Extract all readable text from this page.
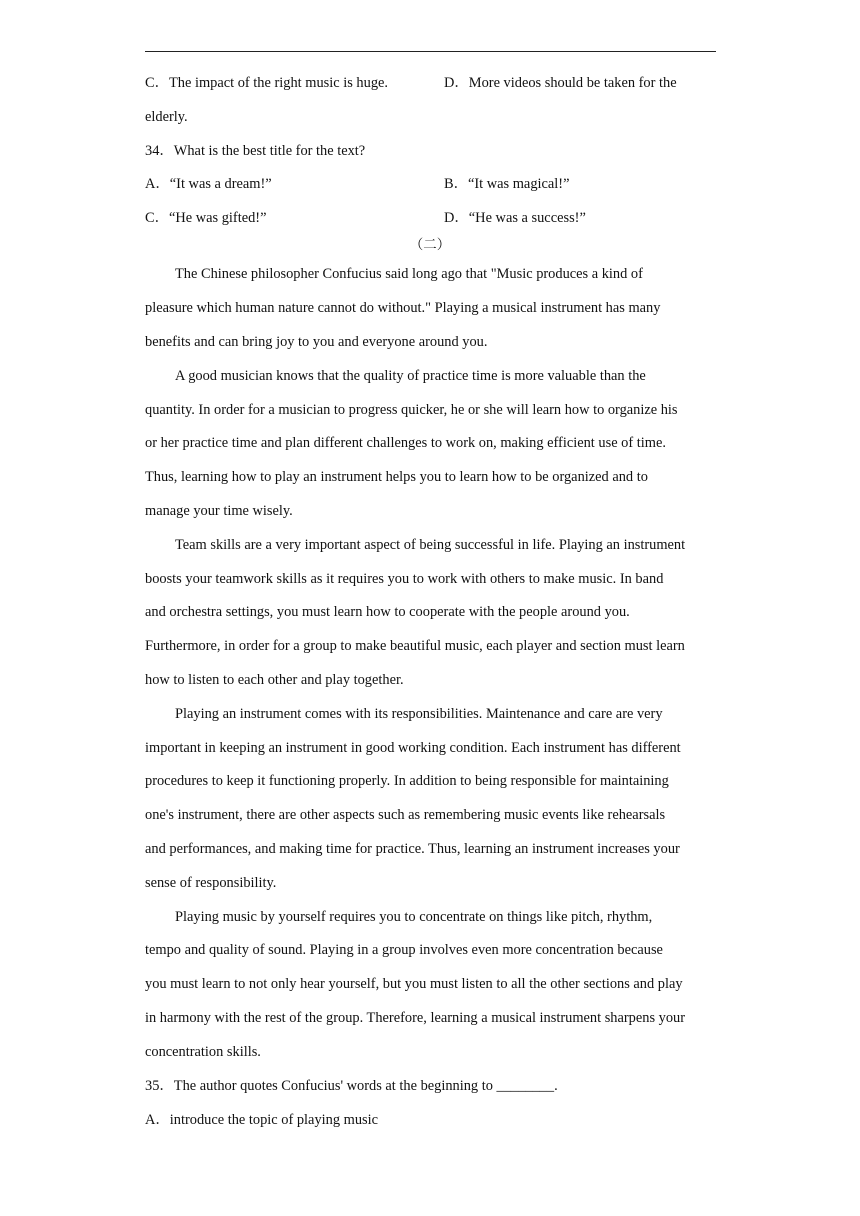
C．The impact of the right music is huge.	D．More videos should be taken for the
elderly.
34．What is the best title for the text?
A．“It was a dream!”	B．“It was magical!”
C．“He was gifted!”	D．“He was a success!”
（二）
The Chinese philosopher Confucius said long ago that "Music produces a kind of
pleasure which human nature cannot do without." Playing a musical instrument has many
benefits and can bring joy to you and everyone around you.
A good musician knows that the quality of practice time is more valuable than the
quantity. In order for a musician to progress quicker, he or she will learn how to organize his
or her practice time and plan different challenges to work on, making efficient use of time.
Thus, learning how to play an instrument helps you to learn how to be organized and to
manage your time wisely.
Team skills are a very important aspect of being successful in life. Playing an instrument
boosts your teamwork skills as it requires you to work with others to make music. In band
and orchestra settings, you must learn how to cooperate with the people around you.
Furthermore, in order for a group to make beautiful music, each player and section must learn
how to listen to each other and play together.
Playing an instrument comes with its responsibilities. Maintenance and care are very
important in keeping an instrument in good working condition. Each instrument has different
procedures to keep it functioning properly. In addition to being responsible for maintaining
one's instrument, there are other aspects such as remembering music events like rehearsals
and performances, and making time for practice. Thus, learning an instrument increases your
sense of responsibility.
Playing music by yourself requires you to concentrate on things like pitch, rhythm,
tempo and quality of sound. Playing in a group involves even more concentration because
you must learn to not only hear yourself, but you must listen to all the other sections and play
in harmony with the rest of the group. Therefore, learning a musical instrument sharpens your
concentration skills.
35．The author quotes Confucius' words at the beginning to ________.
A．introduce the topic of playing music
